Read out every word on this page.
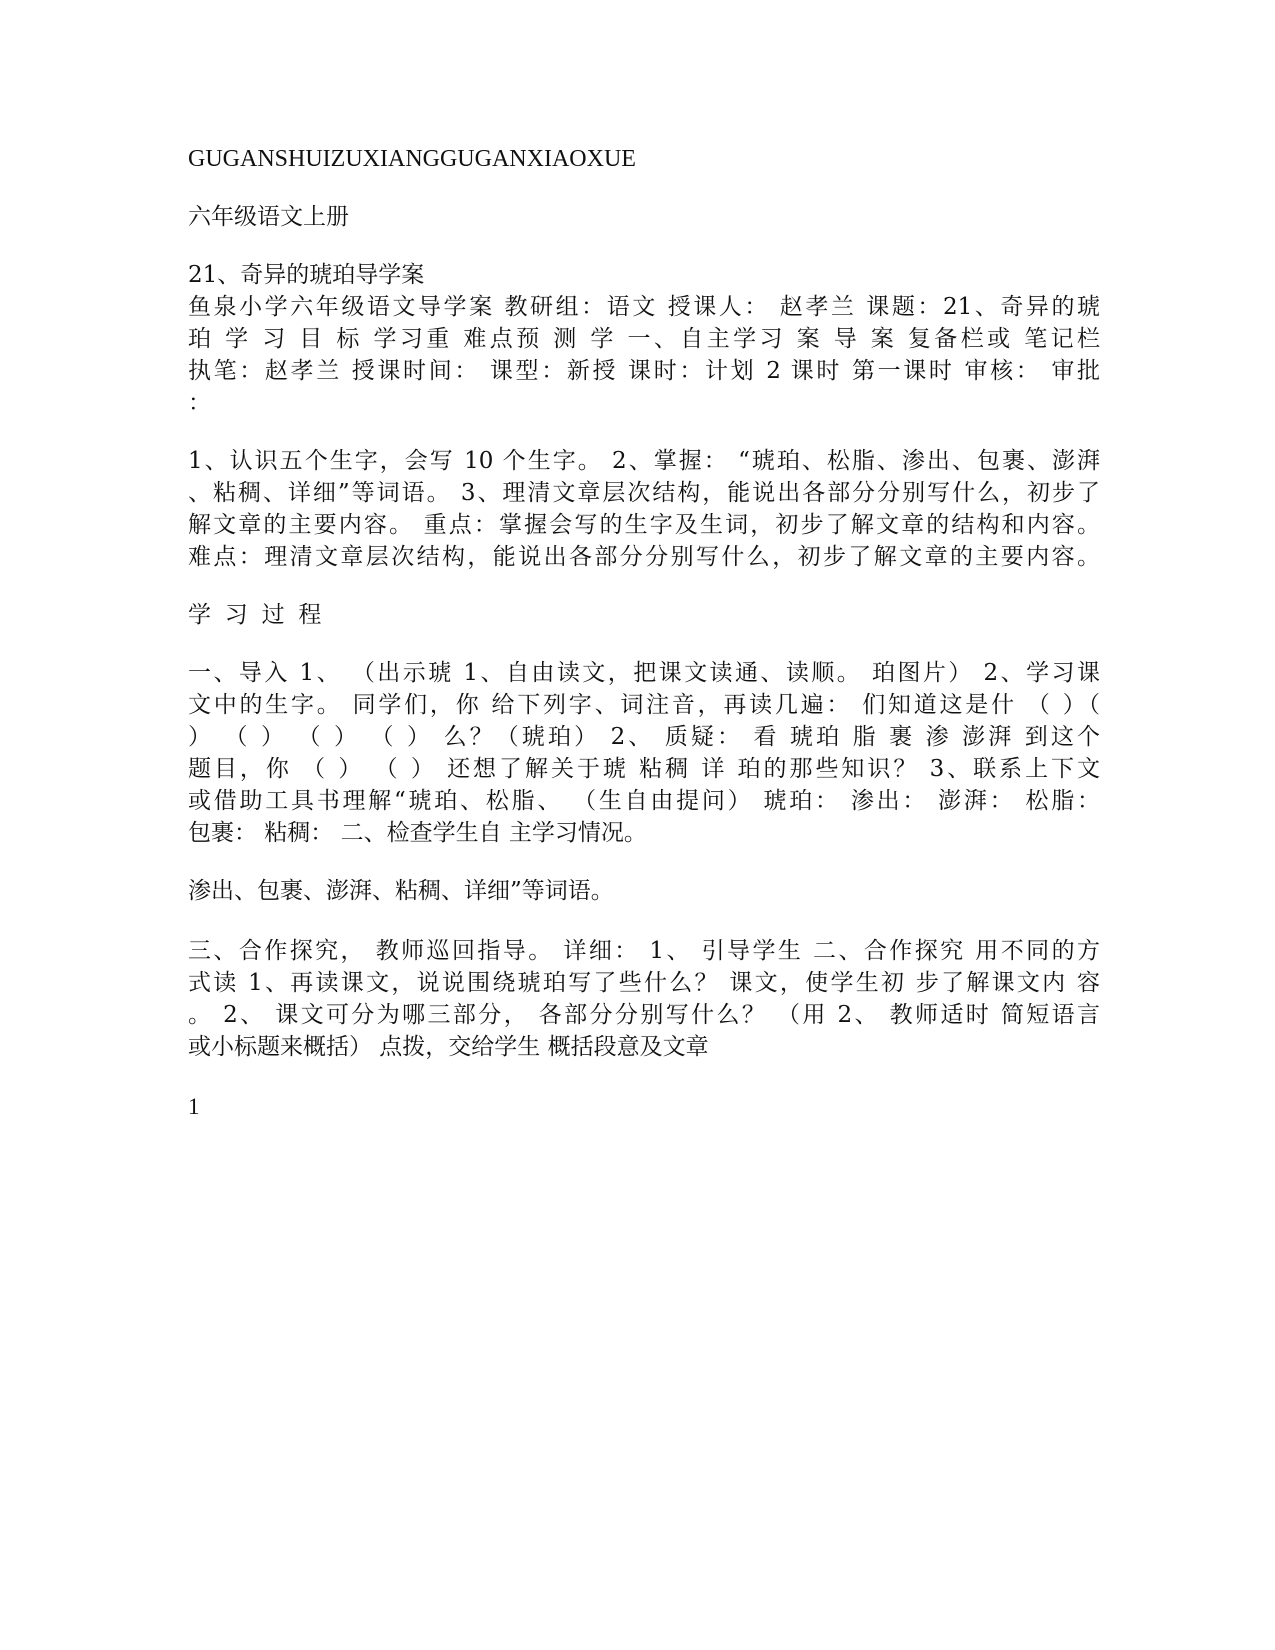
GUGANSHUIZUXIANGGUGANXIAOXUE

六年级语文上册

21、奇异的琥珀导学案

鱼泉小学六年级语文导学案 教研组：语文 授课人： 赵孝兰 课题：21、奇异的琥

珀 学 习 目 标 学习重 难点预 测 学 一、自主学习 案 导 案 复备栏或 笔记栏

执笔：赵孝兰 授课时间： 课型：新授 课时：计划 2 课时 第一课时 审核： 审批

：

1、认识五个生字，会写 10 个生字。 2、掌握： “琥珀、松脂、渗出、包裹、澎湃

、粘稠、详细”等词语。 3、理清文章层次结构，能说出各部分分别写什么，初步了

解文章的主要内容。 重点：掌握会写的生字及生词，初步了解文章的结构和内容。

难点：理清文章层次结构，能说出各部分分别写什么，初步了解文章的主要内容。

学习过程

一、导入 1、 （出示琥 1、自由读文，把课文读通、读顺。 珀图片） 2、学习课

文中的生字。 同学们，你 给下列字、词注音，再读几遍： 们知道这是什 （ ）（

） （ ） （ ） （ ） 么？（琥珀） 2、 质疑： 看 琥珀 脂 裹 渗 澎湃 到这个

题目，你 （ ） （ ） 还想了解关于琥 粘稠 详 珀的那些知识？ 3、联系上下文

或借助工具书理解“琥珀、松脂、 （生自由提问） 琥珀： 渗出： 澎湃： 松脂：

包裹： 粘稠： 二、检查学生自 主学习情况。

渗出、包裹、澎湃、粘稠、详细”等词语。

三、合作探究， 教师巡回指导。 详细： 1、 引导学生 二、合作探究 用不同的方

式读 1、再读课文，说说围绕琥珀写了些什么？ 课文，使学生初 步了解课文内 容

。 2、 课文可分为哪三部分， 各部分分别写什么？ （用 2、 教师适时 简短语言

或小标题来概括） 点拨，交给学生 概括段意及文章

1
